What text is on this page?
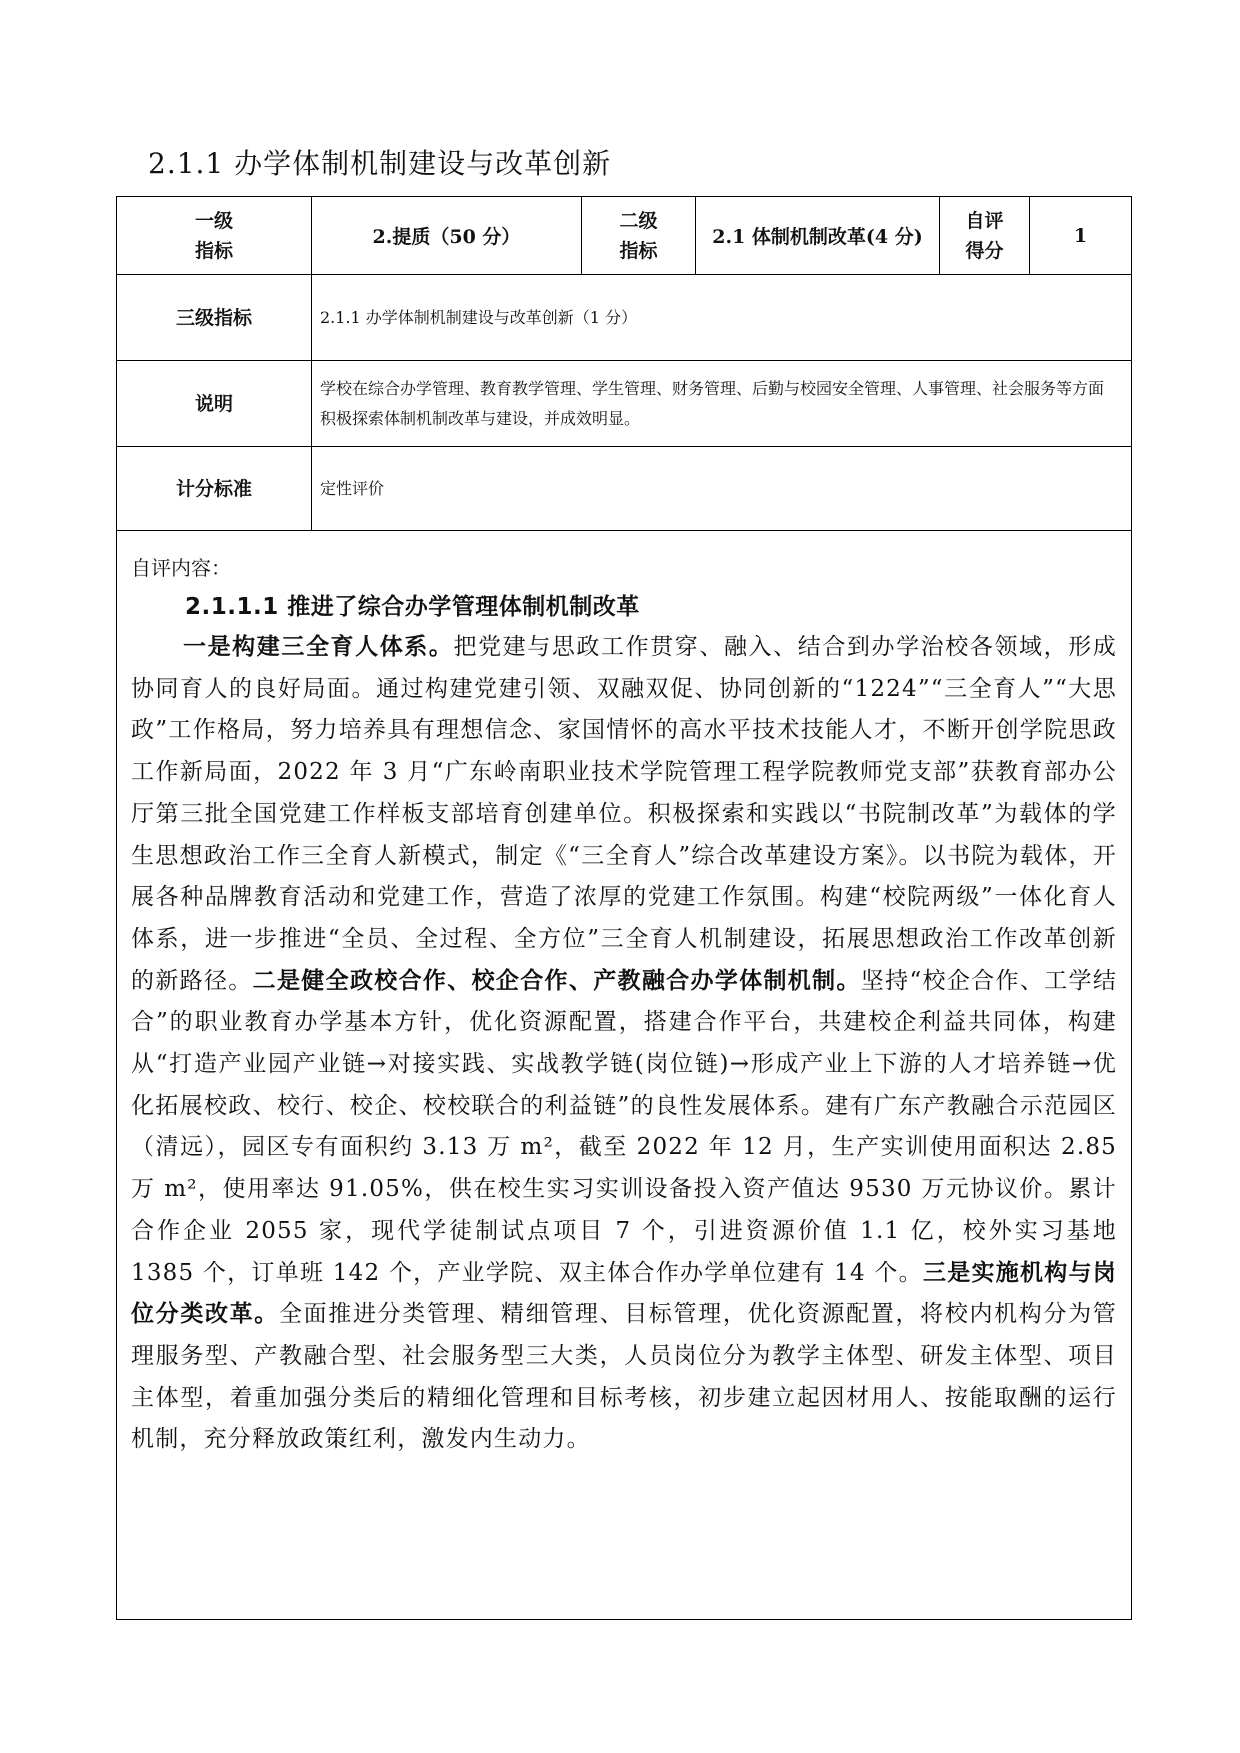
2.1.1 办学体制机制建设与改革创新
一级
指标
2.提质（50 分）
二级
指标
2.1 体制机制改革(4 分)
自评
得分
1
三级指标	2.1.1 办学体制机制建设与改革创新（1 分）
说明
学校在综合办学管理、教育教学管理、学生管理、财务管理、后勤与校园安全管理、人事管理、社会服务等方面积极探索体制机制改革与建设，并成效明显。
计分标准	定性评价
自评内容：
2.1.1.1 推进了综合办学管理体制机制改革

一是构建三全育人体系。把党建与思政工作贯穿、融入、结合到办学治校各领域，形成协同育人的良好局面。通过构建党建引领、双融双促、协同创新的“1224”“三全育人”“大思政”工作格局，努力培养具有理想信念、家国情怀的高水平技术技能人才，不断开创学院思政工作新局面，2022 年 3 月“广东岭南职业技术学院管理工程学院教师党支部”获教育部办公厅第三批全国党建工作样板支部培育创建单位。积极探索和实践以“书院制改革”为载体的学生思想政治工作三全育人新模式，制定《“三全育人”综合改革建设方案》。以书院为载体，开展各种品牌教育活动和党建工作，营造了浓厚的党建工作氛围。构建“校院两级”一体化育人体系，进一步推进“全员、全过程、全方位”三全育人机制建设，拓展思想政治工作改革创新的新路径。二是健全政校合作、校企合作、产教融合办学体制机制。坚持“校企合作、工学结合”的职业教育办学基本方针，优化资源配置，搭建合作平台，共建校企利益共同体，构建从“打造产业园产业链→对接实践、实战教学链(岗位链)→形成产业上下游的人才培养链→优化拓展校政、校行、校企、校校联合的利益链”的良性发展体系。建有广东产教融合示范园区（清远），园区专有面积约 3.13 万 m²，截至 2022 年 12 月，生产实训使用面积达 2.85 万 m²，使用率达 91.05%，供在校生实习实训设备投入资产值达 9530 万元协议价。累计合作企业 2055 家，现代学徒制试点项目 7 个，引进资源价值 1.1 亿，校外实习基地 1385 个，订单班 142 个，产业学院、双主体合作办学单位建有 14 个。三是实施机构与岗位分类改革。全面推进分类管理、精细管理、目标管理，优化资源配置，将校内机构分为管理服务型、产教融合型、社会服务型三大类，人员岗位分为教学主体型、研发主体型、项目主体型，着重加强分类后的精细化管理和目标考核，初步建立起因材用人、按能取酬的运行机制，充分释放政策红利，激发内生动力。
